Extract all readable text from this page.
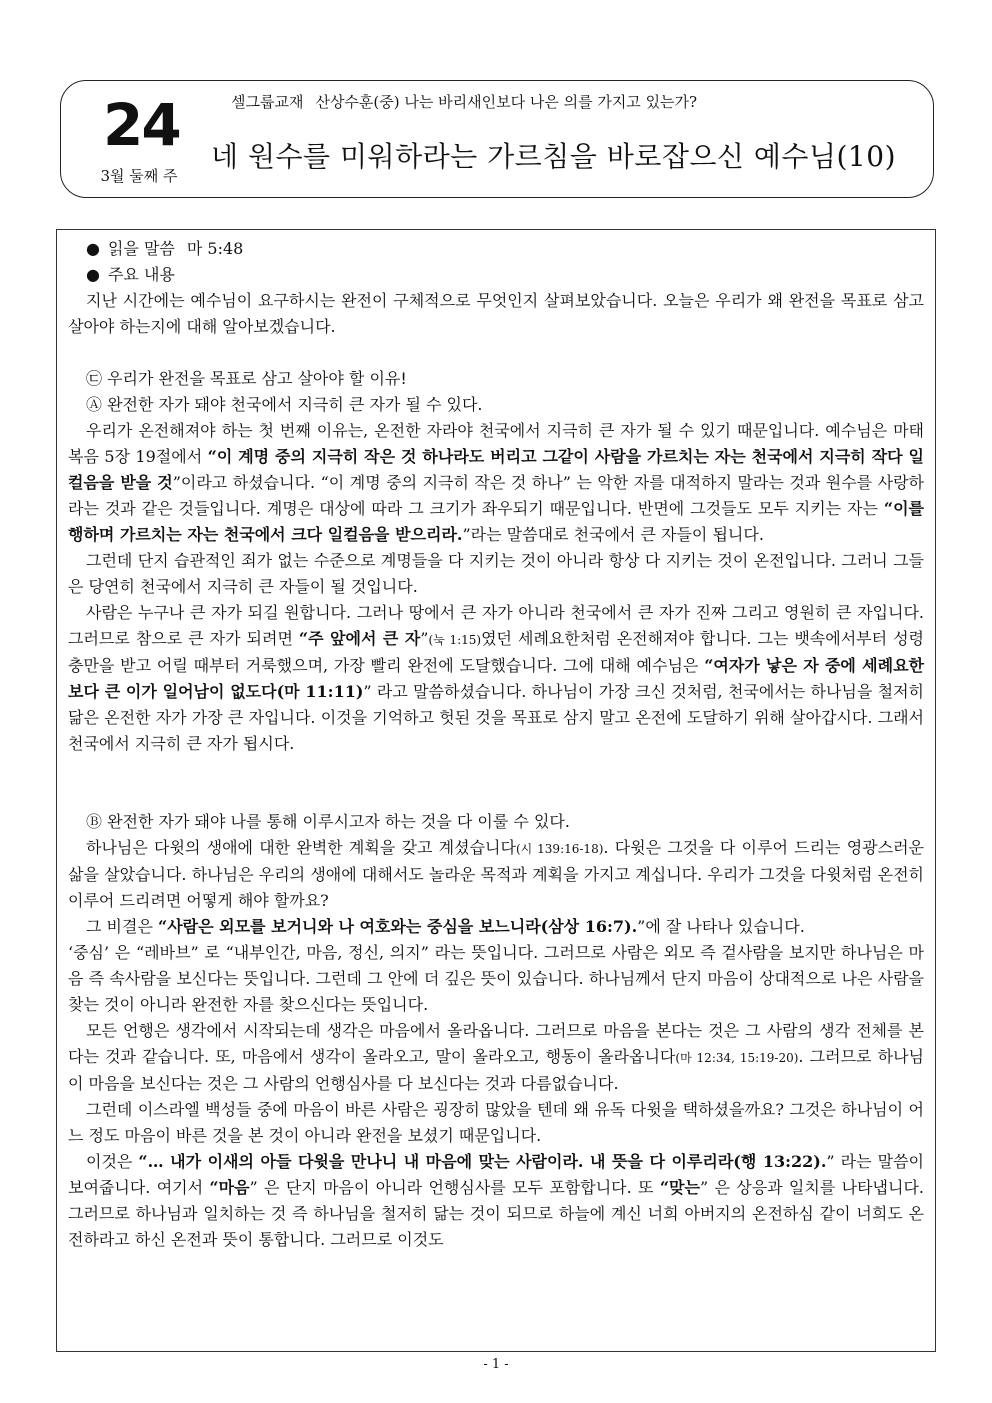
24
3월 둘째 주
셀그룹교재 산상수훈(중) 나는 바리새인보다 나은 의를 가지고 있는가?
네 원수를 미워하라는 가르침을 바로잡으신 예수님(10)

● 읽을 말씀 마 5:48

● 주요 내용

지난 시간에는 예수님이 요구하시는 완전이 구체적으로 무엇인지 살펴보았습니다. 오늘은 우리가 왜 완전을 목표로 삼고 살아야 하는지에 대해 알아보겠습니다.

㉢ 우리가 완전을 목표로 삼고 살아야 할 이유!

Ⓐ 완전한 자가 돼야 천국에서 지극히 큰 자가 될 수 있다.

우리가 온전해져야 하는 첫 번째 이유는, 온전한 자라야 천국에서 지극히 큰 자가 될 수 있기 때문입니다. 예수님은 마태복음 5장 19절에서 “이 계명 중의 지극히 작은 것 하나라도 버리고 그같이 사람을 가르치는 자는 천국에서 지극히 작다 일컬음을 받을 것”이라고 하셨습니다. “이 계명 중의 지극히 작은 것 하나” 는 악한 자를 대적하지 말라는 것과 원수를 사랑하라는 것과 같은 것들입니다. 계명은 대상에 따라 그 크기가 좌우되기 때문입니다. 반면에 그것들도 모두 지키는 자는 “이를 행하며 가르치는 자는 천국에서 크다 일컬음을 받으리라.”라는 말씀대로 천국에서 큰 자들이 됩니다.

그런데 단지 습관적인 죄가 없는 수준으로 계명들을 다 지키는 것이 아니라 항상 다 지키는 것이 온전입니다. 그러니 그들은 당연히 천국에서 지극히 큰 자들이 될 것입니다.

사람은 누구나 큰 자가 되길 원합니다. 그러나 땅에서 큰 자가 아니라 천국에서 큰 자가 진짜 그리고 영원히 큰 자입니다. 그러므로 참으로 큰 자가 되려면 “주 앞에서 큰 자”(눅 1:15)였던 세례요한처럼 온전해져야 합니다. 그는 뱃속에서부터 성령충만을 받고 어릴 때부터 거룩했으며, 가장 빨리 완전에 도달했습니다. 그에 대해 예수님은 “여자가 낳은 자 중에 세례요한보다 큰 이가 일어남이 없도다(마 11:11)” 라고 말씀하셨습니다. 하나님이 가장 크신 것처럼, 천국에서는 하나님을 철저히 닮은 온전한 자가 가장 큰 자입니다. 이것을 기억하고 헛된 것을 목표로 삼지 말고 온전에 도달하기 위해 살아갑시다. 그래서 천국에서 지극히 큰 자가 됩시다.

Ⓑ 완전한 자가 돼야 나를 통해 이루시고자 하는 것을 다 이룰 수 있다.

하나님은 다윗의 생애에 대한 완벽한 계획을 갖고 계셨습니다(시 139:16-18). 다윗은 그것을 다 이루어 드리는 영광스러운 삶을 살았습니다. 하나님은 우리의 생애에 대해서도 놀라운 목적과 계획을 가지고 계십니다. 우리가 그것을 다윗처럼 온전히 이루어 드리려면 어떻게 해야 할까요?

그 비결은 “사람은 외모를 보거니와 나 여호와는 중심을 보느니라(삼상 16:7).”에 잘 나타나 있습니다.

‘중심’ 은 “레바브” 로 “내부인간, 마음, 정신, 의지” 라는 뜻입니다. 그러므로 사람은 외모 즉 겉사람을 보지만 하나님은 마음 즉 속사람을 보신다는 뜻입니다. 그런데 그 안에 더 깊은 뜻이 있습니다. 하나님께서 단지 마음이 상대적으로 나은 사람을 찾는 것이 아니라 완전한 자를 찾으신다는 뜻입니다.

모든 언행은 생각에서 시작되는데 생각은 마음에서 올라옵니다. 그러므로 마음을 본다는 것은 그 사람의 생각 전체를 본다는 것과 같습니다. 또, 마음에서 생각이 올라오고, 말이 올라오고, 행동이 올라옵니다(마 12:34, 15:19-20). 그러므로 하나님이 마음을 보신다는 것은 그 사람의 언행심사를 다 보신다는 것과 다름없습니다.

그런데 이스라엘 백성들 중에 마음이 바른 사람은 굉장히 많았을 텐데 왜 유독 다윗을 택하셨을까요? 그것은 하나님이 어느 정도 마음이 바른 것을 본 것이 아니라 완전을 보셨기 때문입니다.

이것은 “… 내가 이새의 아들 다윗을 만나니 내 마음에 맞는 사람이라. 내 뜻을 다 이루리라(행 13:22).” 라는 말씀이 보여줍니다. 여기서 “마음” 은 단지 마음이 아니라 언행심사를 모두 포함합니다. 또 “맞는” 은 상응과 일치를 나타냅니다. 그러므로 하나님과 일치하는 것 즉 하나님을 철저히 닮는 것이 되므로 하늘에 계신 너희 아버지의 온전하심 같이 너희도 온전하라고 하신 온전과 뜻이 통합니다. 그러므로 이것도

- 1 -
